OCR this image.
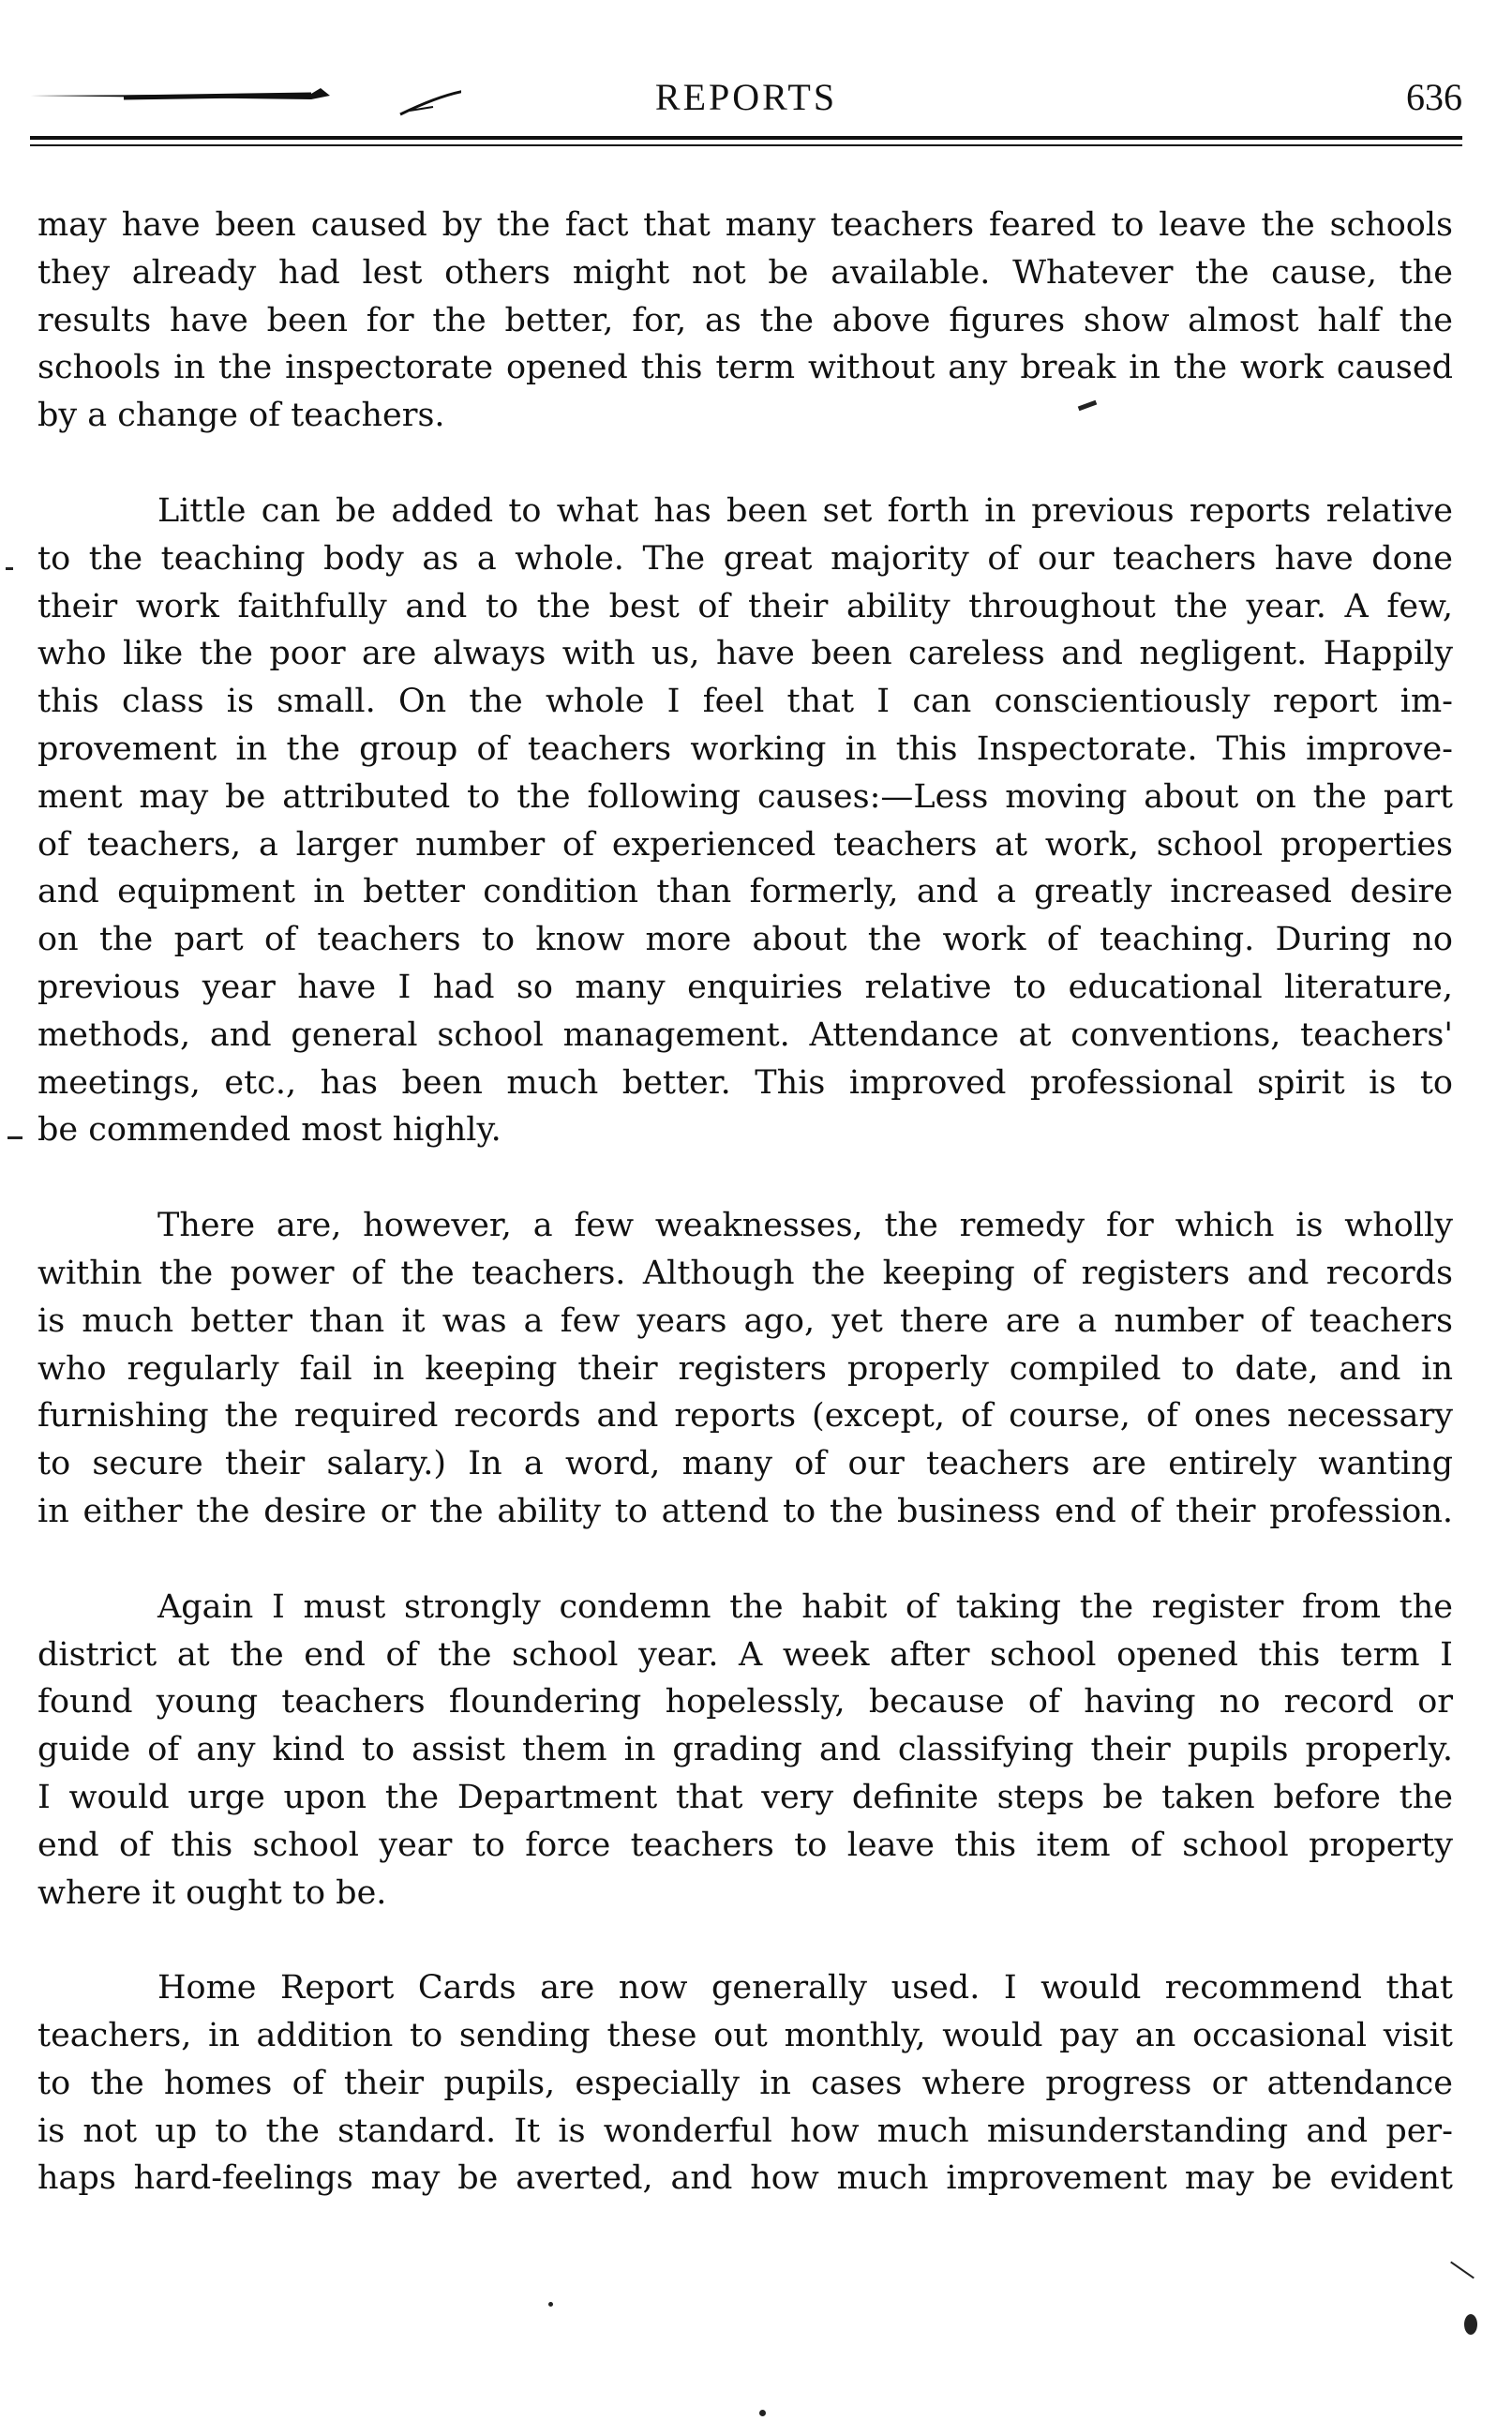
REPORTS	636
may have been caused by the fact that many teachers feared to leave the schools
they already had lest others might not be available. Whatever the cause, the
results have been for the better, for, as the above figures show almost half the
schools in the inspectorate opened this term without any break in the work caused
by a change of teachers.
Little can be added to what has been set forth in previous reports relative
to the teaching body as a whole. The great majority of our teachers have done
their work faithfully and to the best of their ability throughout the year. A few,
who like the poor are always with us, have been careless and negligent. Happily
this class is small. On the whole I feel that I can conscientiously report im-
provement in the group of teachers working in this Inspectorate. This improve-
ment may be attributed to the following causes:—Less moving about on the part
of teachers, a larger number of experienced teachers at work, school properties
and equipment in better condition than formerly, and a greatly increased desire
on the part of teachers to know more about the work of teaching. During no
previous year have I had so many enquiries relative to educational literature,
methods, and general school management. Attendance at conventions, teachers'
meetings, etc., has been much better. This improved professional spirit is to
be commended most highly.
There are, however, a few weaknesses, the remedy for which is wholly
within the power of the teachers. Although the keeping of registers and records
is much better than it was a few years ago, yet there are a number of teachers
who regularly fail in keeping their registers properly compiled to date, and in
furnishing the required records and reports (except, of course, of ones necessary
to secure their salary.) In a word, many of our teachers are entirely wanting
in either the desire or the ability to attend to the business end of their profession.
Again I must strongly condemn the habit of taking the register from the
district at the end of the school year. A week after school opened this term I
found young teachers floundering hopelessly, because of having no record or
guide of any kind to assist them in grading and classifying their pupils properly.
I would urge upon the Department that very definite steps be taken before the
end of this school year to force teachers to leave this item of school property
where it ought to be.
Home Report Cards are now generally used. I would recommend that
teachers, in addition to sending these out monthly, would pay an occasional visit
to the homes of their pupils, especially in cases where progress or attendance
is not up to the standard. It is wonderful how much misunderstanding and per-
haps hard-feelings may be averted, and how much improvement may be evident
